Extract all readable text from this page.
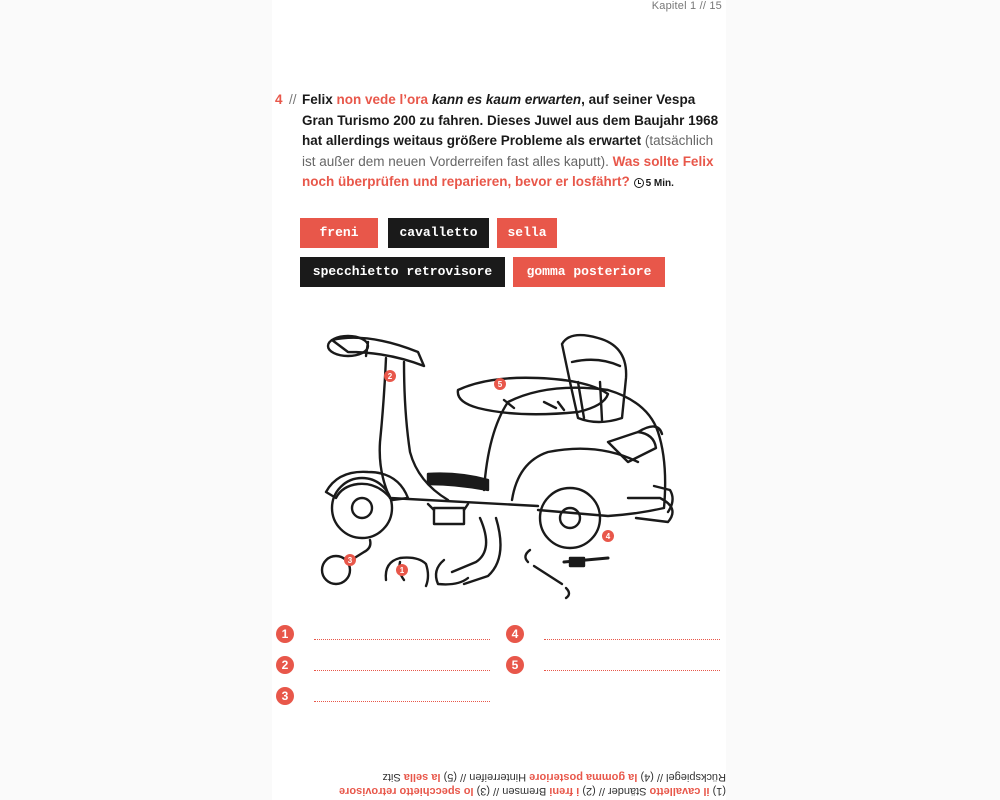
Kapitel 1 // 15
4 // Felix non vede l’ora kann es kaum erwarten, auf seiner Vespa Gran Turismo 200 zu fahren. Dieses Juwel aus dem Baujahr 1968 hat allerdings weitaus größere Probleme als erwartet (tatsächlich ist außer dem neuen Vorderreifen fast alles kaputt). Was sollte Felix noch überprüfen und reparieren, bevor er losfährt? 5 Min.
freni	cavalletto	sella
specchietto retrovisore	gomma posteriore
2
5
3
1
4
1
2
3
4
5
(1) il cavalletto Ständer // (2) i freni Bremsen // (3) lo specchietto retrovisore
Rückspiegel // (4) la gomma posteriore Hinterreifen // (5) la sella Sitz
